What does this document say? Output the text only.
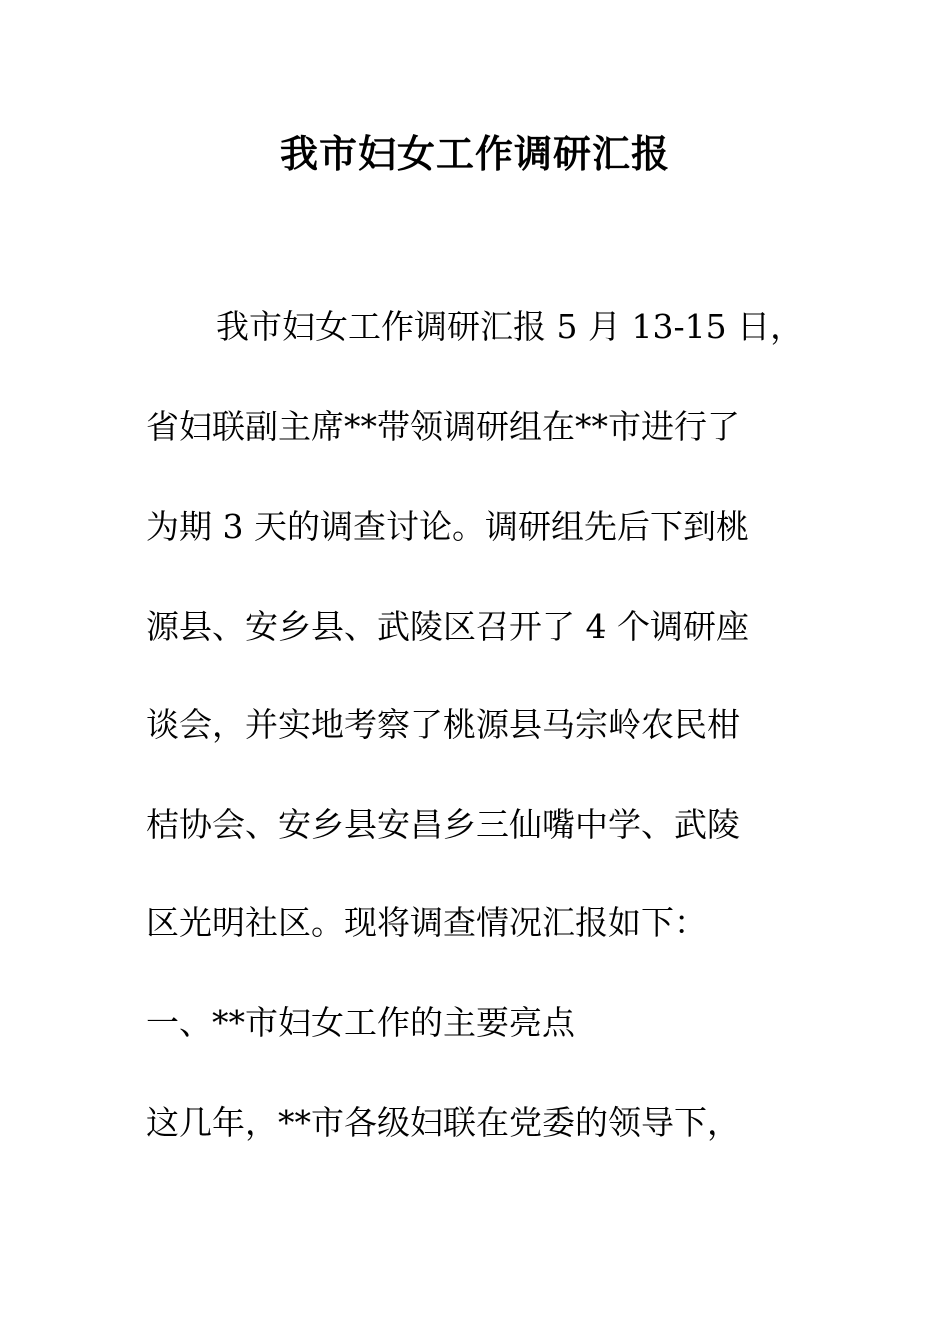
我市妇女工作调研汇报

我市妇女工作调研汇报 5 月 13-15 日，

省妇联副主席**带领调研组在**市进行了

为期 3 天的调查讨论。调研组先后下到桃

源县、安乡县、武陵区召开了 4 个调研座

谈会，并实地考察了桃源县马宗岭农民柑

桔协会、安乡县安昌乡三仙嘴中学、武陵

区光明社区。现将调查情况汇报如下：

一、**市妇女工作的主要亮点

这几年，**市各级妇联在党委的领导下，
